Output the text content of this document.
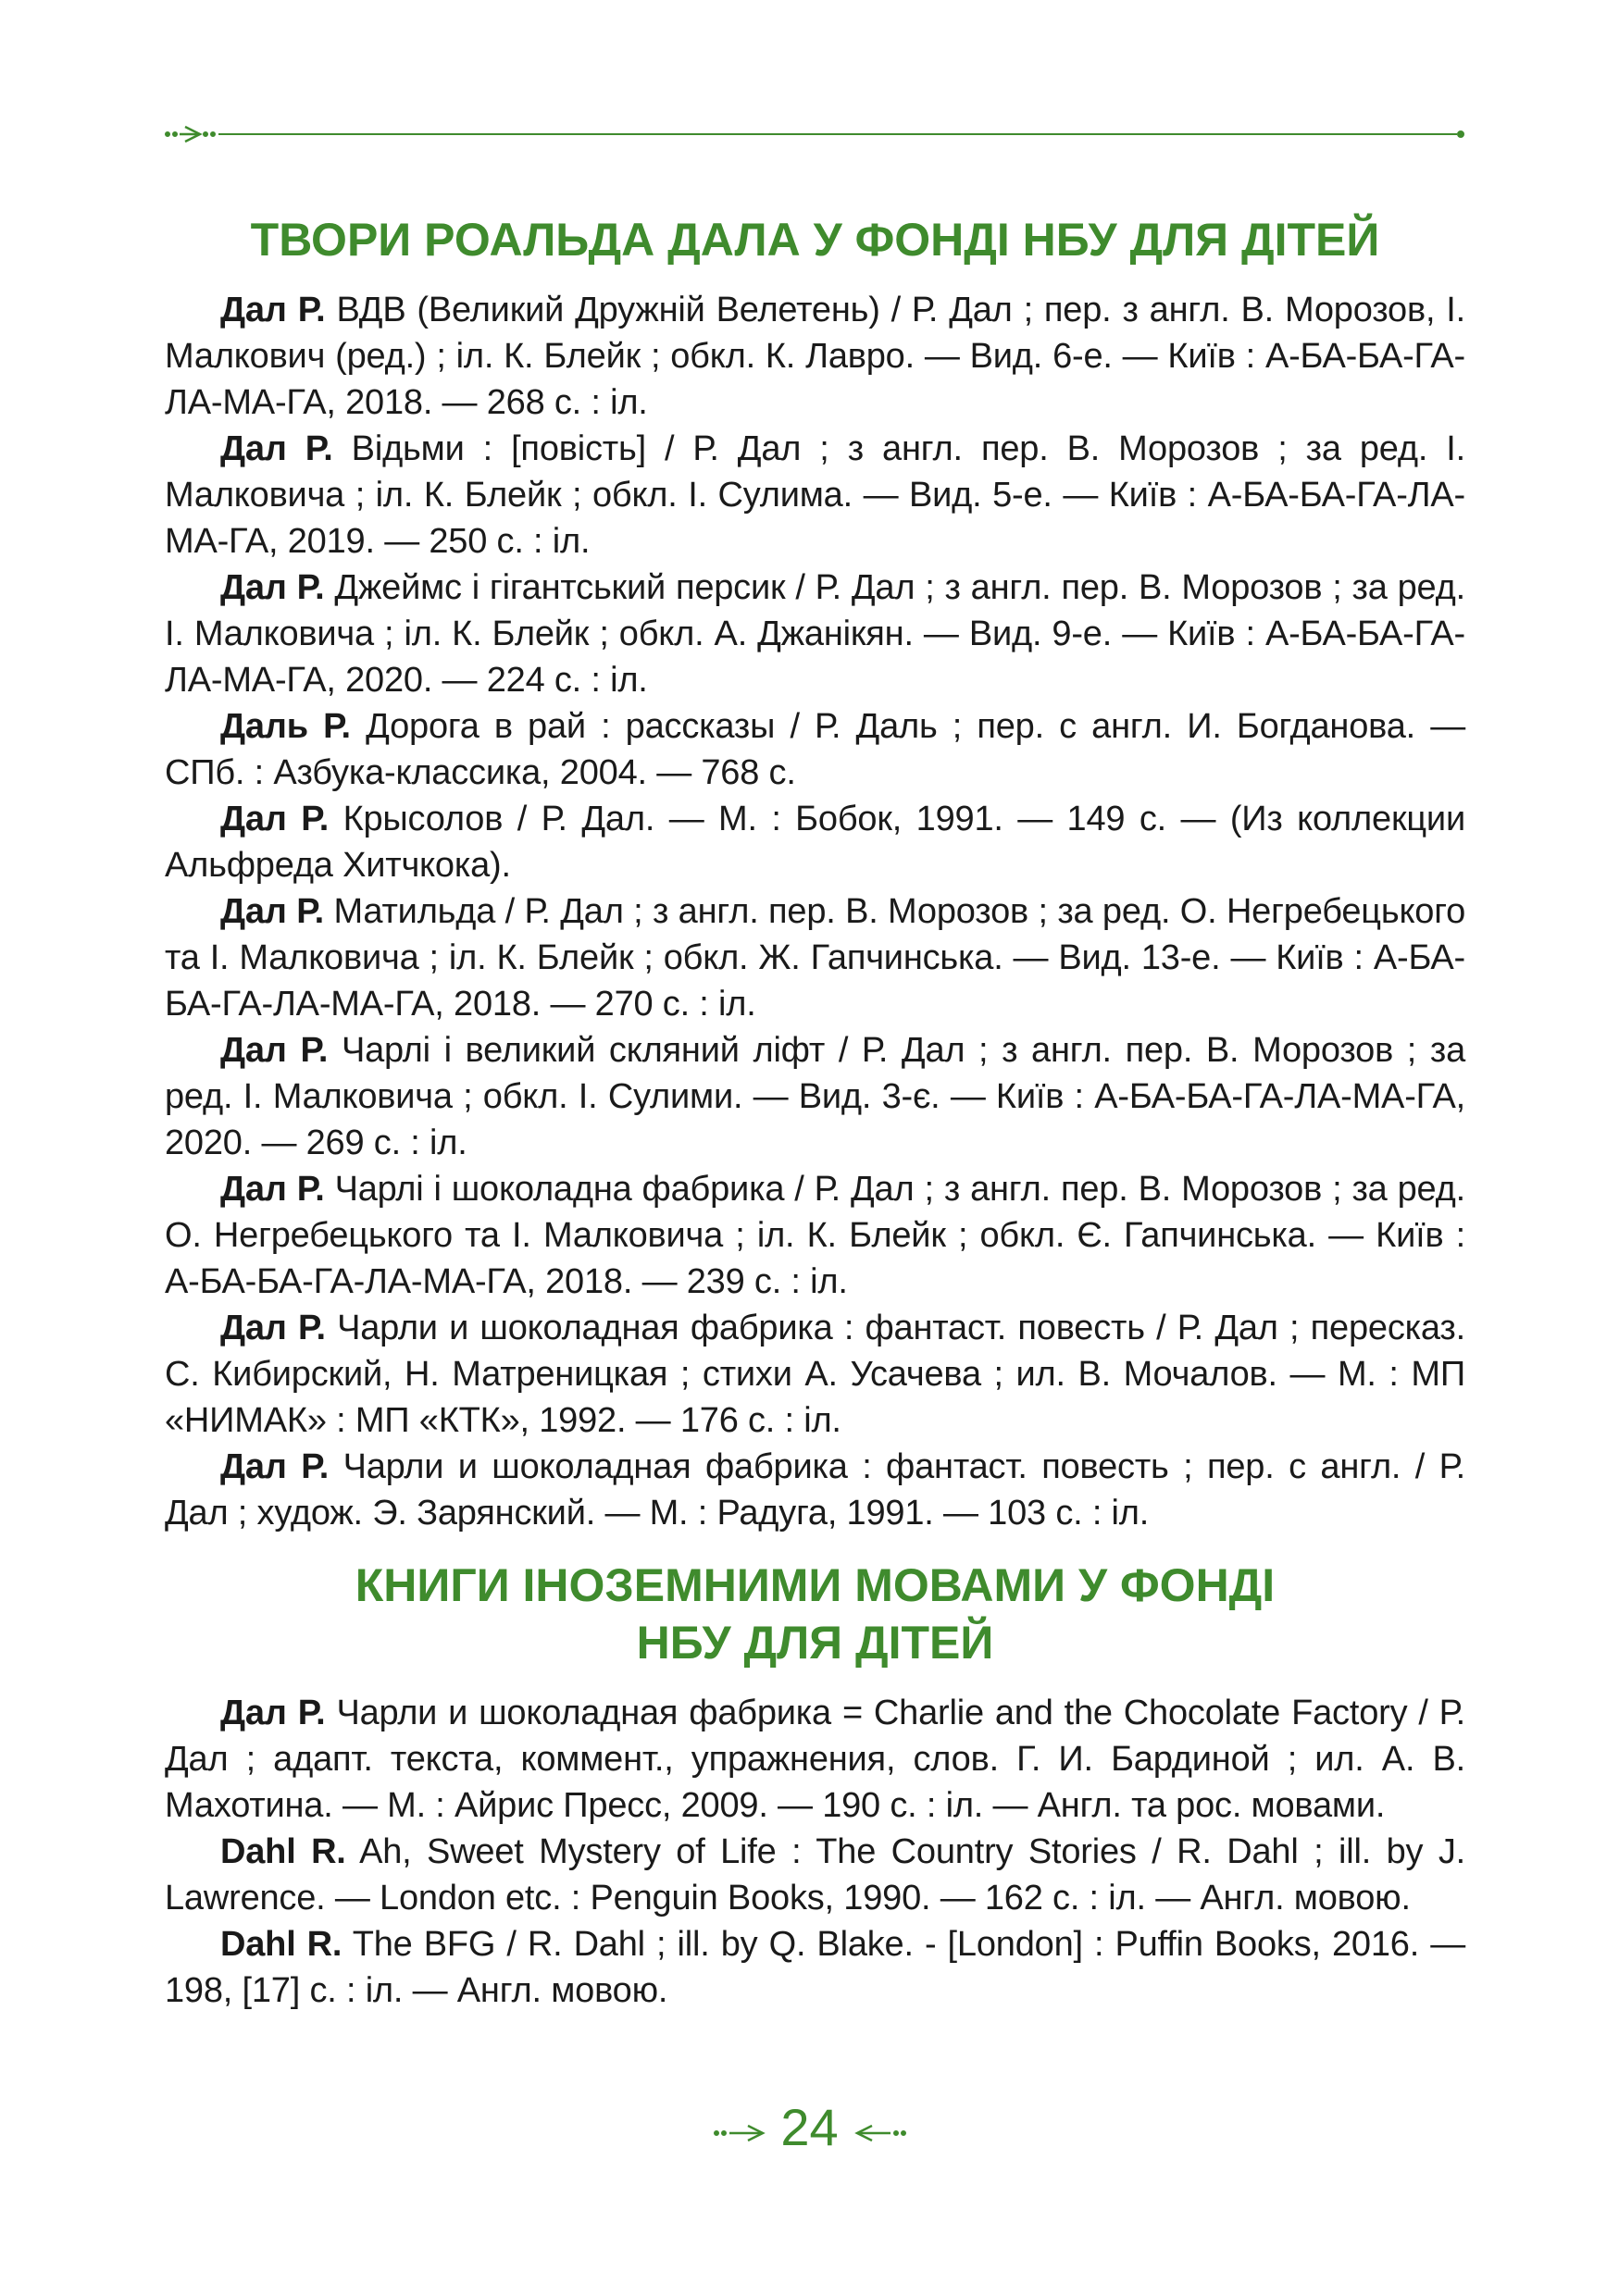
ТВОРИ РОАЛЬДА ДАЛА У ФОНДІ НБУ ДЛЯ ДІТЕЙ

Дал Р. ВДВ (Великий Дружній Велетень) / Р. Дал ; пер. з англ. В. Морозов, І. Малкович (ред.) ; іл. К. Блейк ; обкл. К. Лавро. — Вид. 6-е. — Київ : А-БА-БА-ГА-ЛА-МА-ГА, 2018. — 268 с. : іл.

Дал Р. Відьми : [повість] / Р. Дал ; з англ. пер. В. Морозов ; за ред. І. Малковича ; іл. К. Блейк ; обкл. І. Сулима. — Вид. 5-е. — Київ : А-БА-БА-ГА-ЛА-МА-ГА, 2019. — 250 с. : іл.

Дал Р. Джеймс і гігантський персик / Р. Дал ; з англ. пер. В. Морозов ; за ред. І. Малковича ; іл. К. Блейк ; обкл. А. Джанікян. — Вид. 9-е. — Київ : А-БА-БА-ГА-ЛА-МА-ГА, 2020. — 224 с. : іл.

Даль Р. Дорога в рай : рассказы / Р. Даль ; пер. с англ. И. Богданова. — СПб. : Азбука-классика, 2004. — 768 с.

Дал Р. Крысолов / Р. Дал. — М. : Бобок, 1991. — 149 с. — (Из коллекции Альфреда Хитчкока).

Дал Р. Матильда / Р. Дал ; з англ. пер. В. Морозов ; за ред. О. Негребецького та І. Малковича ; іл. К. Блейк ; обкл. Ж. Гапчинська. — Вид. 13-е. — Київ : А-БА-БА-ГА-ЛА-МА-ГА, 2018. — 270 с. : іл.

Дал Р. Чарлі і великий скляний ліфт / Р. Дал ; з англ. пер. В. Морозов ; за ред. І. Малковича ; обкл. І. Сулими. — Вид. 3-є. — Київ : А-БА-БА-ГА-ЛА-МА-ГА, 2020. — 269 с. : іл.

Дал Р. Чарлі і шоколадна фабрика / Р. Дал ; з англ. пер. В. Морозов ; за ред. О. Негребецького та І. Малковича ; іл. К. Блейк ; обкл. Є. Гапчинська. — Київ : А-БА-БА-ГА-ЛА-МА-ГА, 2018. — 239 с. : іл.

Дал Р. Чарли и шоколадная фабрика : фантаст. повесть / Р. Дал ; пересказ. С. Кибирский, Н. Матреницкая ; стихи А. Усачева ; ил. В. Мочалов. — М. : МП «НИМАК» : МП «КТК», 1992. — 176 с. : іл.

Дал Р. Чарли и шоколадная фабрика : фантаст. повесть ; пер. с англ. / Р. Дал ; худож. Э. Зарянский. — М. : Радуга, 1991. — 103 с. : іл.

КНИГИ ІНОЗЕМНИМИ МОВАМИ У ФОНДІ
НБУ ДЛЯ ДІТЕЙ

Дал Р. Чарли и шоколадная фабрика = Charlie and the Chocolate Factory / Р. Дал ; адапт. текста, коммент., упражнения, слов. Г. И. Бардиной ; ил. А. В. Махотина. — М. : Айрис Пресс, 2009. — 190 с. : іл. — Англ. та рос. мовами.

Dahl R. Ah, Sweet Mystery of Life : The Country Stories / R. Dahl ; ill. by J. Lawrence. — London etc. : Penguin Books, 1990. — 162 с. : іл. — Англ. мовою.

Dahl R. The BFG / R. Dahl ; ill. by Q. Blake. - [London] : Puffin Books, 2016. — 198, [17] с. : іл. — Англ. мовою.

24
